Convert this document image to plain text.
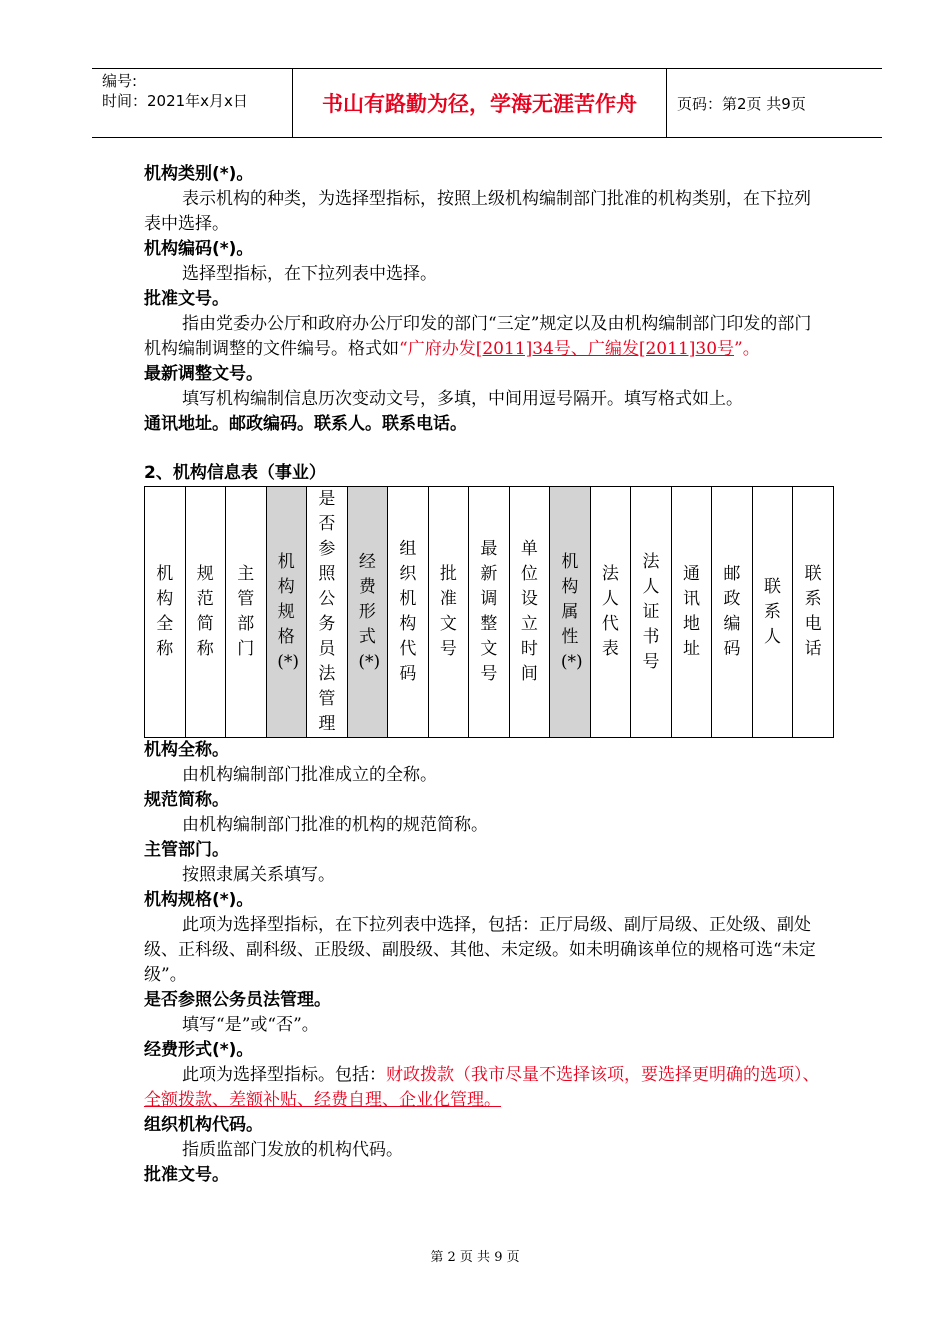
编号:
时间：2021年x月x日	书山有路勤为径，学海无涯苦作舟	页码：第2页 共9页

机构类别(*)。

表示机构的种类，为选择型指标，按照上级机构编制部门批准的机构类别，在下拉列表中选择。

机构编码(*)。

选择型指标，在下拉列表中选择。

批准文号。

指由党委办公厅和政府办公厅印发的部门“三定”规定以及由机构编制部门印发的部门机构编制调整的文件编号。格式如“广府办发[2011]34号、广编发[2011]30号”。

最新调整文号。

填写机构编制信息历次变动文号，多填，中间用逗号隔开。填写格式如上。

通讯地址。邮政编码。联系人。联系电话。

2、机构信息表（事业）

机构全称	规范简称	主管部门	机构规格(*)	是否参照公务员法管理	经费形式(*)	组织机构代码	批准文号	最新调整文号	单位设立时间	机构属性(*)	法人代表	法人证书号	通讯地址	邮政编码	联系人	联系电话

机构全称。

由机构编制部门批准成立的全称。

规范简称。

由机构编制部门批准的机构的规范简称。

主管部门。

按照隶属关系填写。

机构规格(*)。

此项为选择型指标，在下拉列表中选择，包括：正厅局级、副厅局级、正处级、副处级、正科级、副科级、正股级、副股级、其他、未定级。如未明确该单位的规格可选“未定级”。

是否参照公务员法管理。

填写“是”或“否”。

经费形式(*)。

此项为选择型指标。包括：财政拨款（我市尽量不选择该项，要选择更明确的选项）、全额拨款、差额补贴、经费自理、企业化管理。

组织机构代码。

指质监部门发放的机构代码。

批准文号。

第 2 页 共 9 页
